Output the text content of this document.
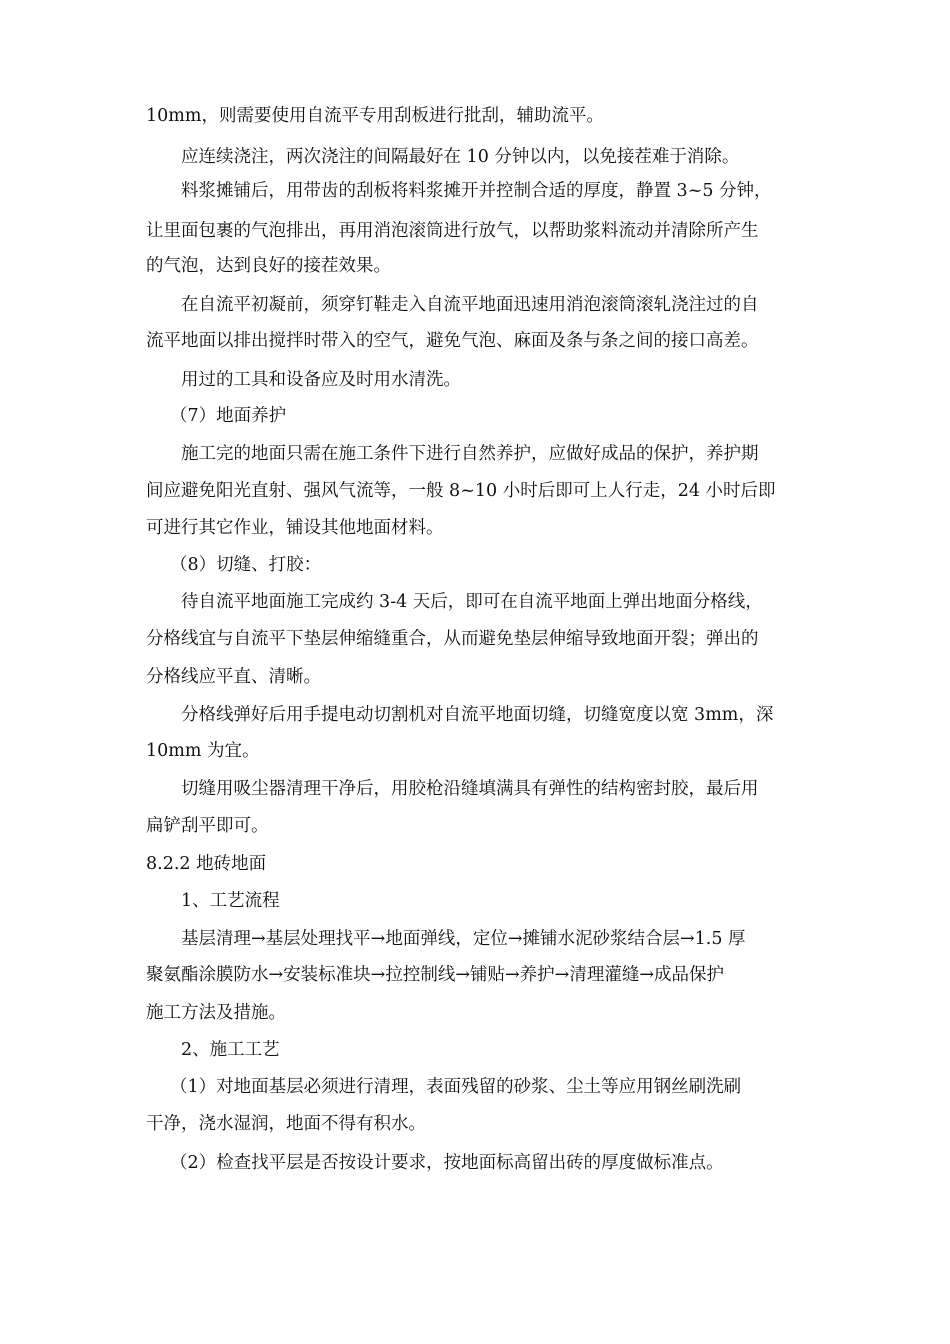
10mm，则需要使用自流平专用刮板进行批刮，辅助流平。

应连续浇注，两次浇注的间隔最好在 10 分钟以内，以免接茬难于消除。

料浆摊铺后，用带齿的刮板将料浆摊开并控制合适的厚度，静置 3~5 分钟，

让里面包裹的气泡排出，再用消泡滚筒进行放气，以帮助浆料流动并清除所产生

的气泡，达到良好的接茬效果。

在自流平初凝前，须穿钉鞋走入自流平地面迅速用消泡滚筒滚轧浇注过的自

流平地面以排出搅拌时带入的空气，避免气泡、麻面及条与条之间的接口高差。

用过的工具和设备应及时用水清洗。

（7）地面养护

施工完的地面只需在施工条件下进行自然养护，应做好成品的保护，养护期

间应避免阳光直射、强风气流等，一般 8~10 小时后即可上人行走，24 小时后即

可进行其它作业，铺设其他地面材料。

（8）切缝、打胶：

待自流平地面施工完成约 3-4 天后，即可在自流平地面上弹出地面分格线，

分格线宜与自流平下垫层伸缩缝重合，从而避免垫层伸缩导致地面开裂；弹出的

分格线应平直、清晰。

分格线弹好后用手提电动切割机对自流平地面切缝，切缝宽度以宽 3mm，深

10mm 为宜。

切缝用吸尘器清理干净后，用胶枪沿缝填满具有弹性的结构密封胶，最后用

扁铲刮平即可。

8.2.2 地砖地面

1、工艺流程

基层清理→基层处理找平→地面弹线，定位→摊铺水泥砂浆结合层→1.5 厚

聚氨酯涂膜防水→安装标准块→拉控制线→铺贴→养护→清理灌缝→成品保护

施工方法及措施。

2、施工工艺

（1）对地面基层必须进行清理，表面残留的砂浆、尘土等应用钢丝刷洗刷

干净，浇水湿润，地面不得有积水。

（2）检查找平层是否按设计要求，按地面标高留出砖的厚度做标准点。
